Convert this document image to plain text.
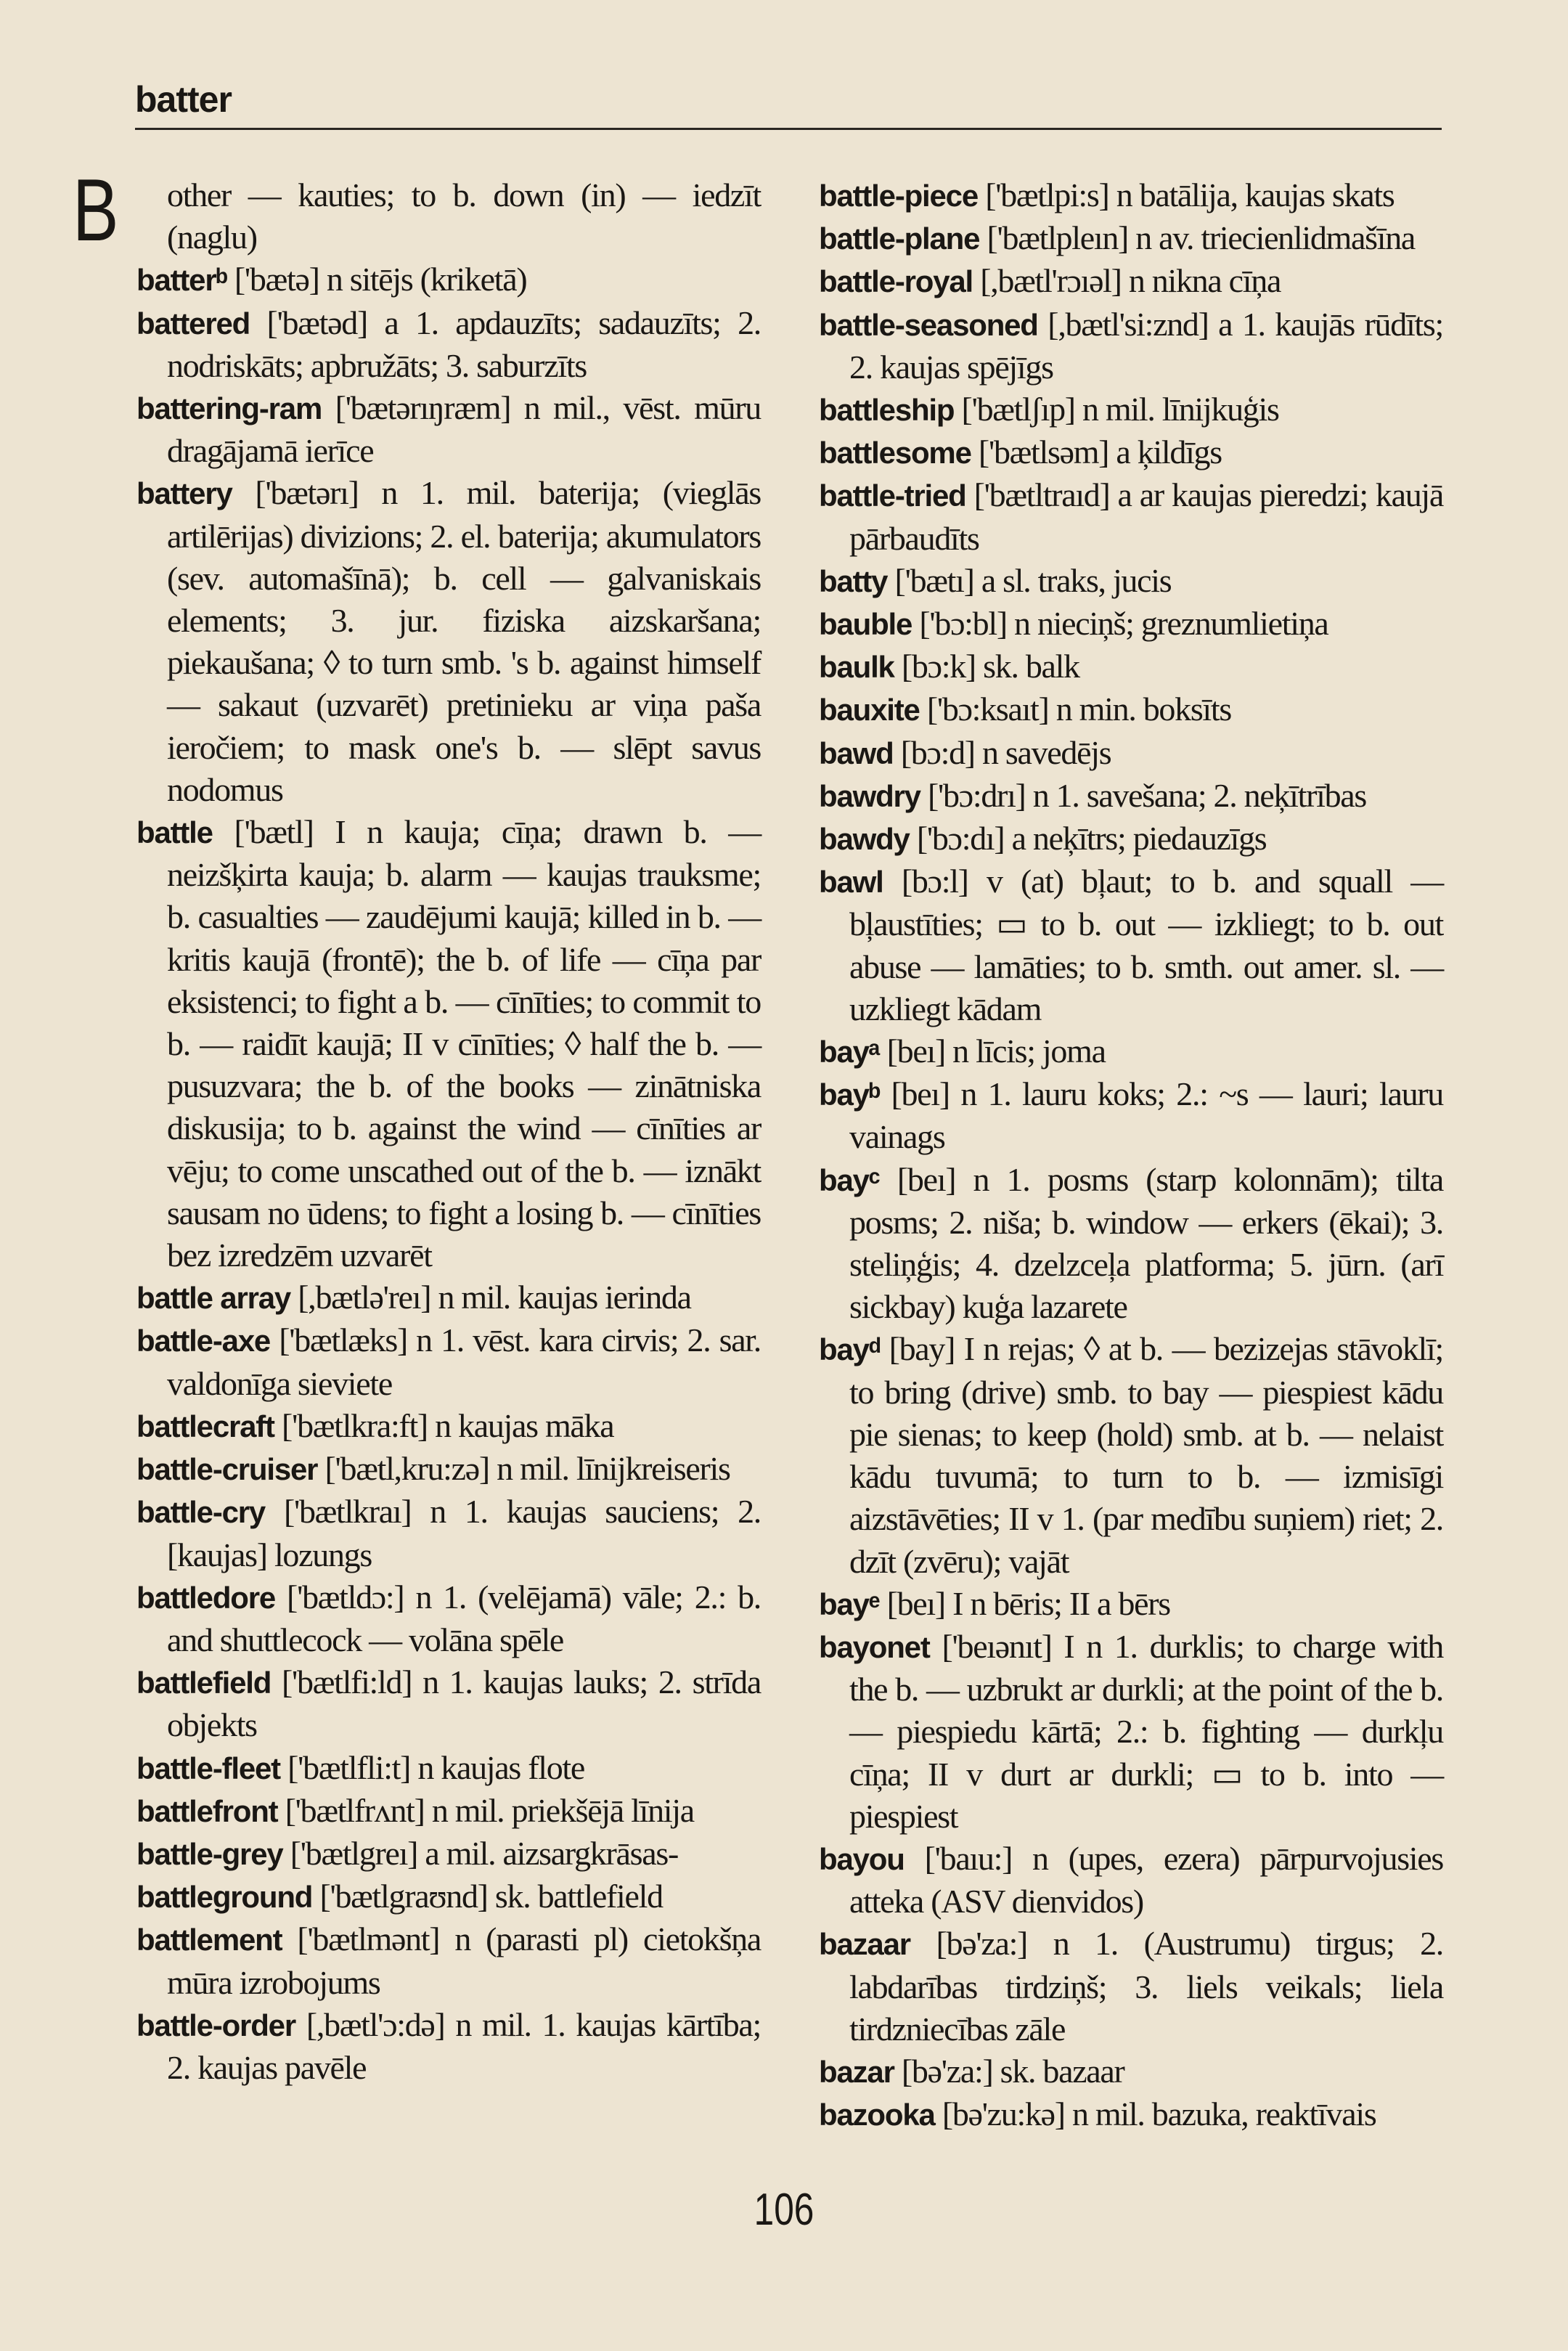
batter
B	other — kauties; to b. down (in) — iedzīt (naglu)

batterᵇ ['bætə] n sitējs (kriketā)

battered ['bætəd] a 1. apdauzīts; sadauzīts; 2. nodriskāts; apbružāts; 3. saburzīts

battering-ram ['bætərıŋræm] n mil., vēst. mūru dragājamā ierīce

battery ['bætərı] n 1. mil. baterija; (vieglās artilērijas) divizions; 2. el. baterija; akumulators (sev. automašīnā); b. cell — galvaniskais elements; 3. jur. fiziska aizskaršana; piekaušana; ◊ to turn smb. 's b. against himself — sakaut (uzvarēt) pretinieku ar viņa paša ieročiem; to mask one's b. — slēpt savus nodomus

battle ['bætl] I n kauja; cīņa; drawn b. — neizšķirta kauja; b. alarm — kaujas trauksme; b. casualties — zaudējumi kaujā; killed in b. — kritis kaujā (frontē); the b. of life — cīņa par eksistenci; to fight a b. — cīnīties; to commit to b. — raidīt kaujā; II v cīnīties; ◊ half the b. — pusuzvara; the b. of the books — zinātniska diskusija; to b. against the wind — cīnīties ar vēju; to come unscathed out of the b. — iznākt sausam no ūdens; to fight a losing b. — cīnīties bez izredzēm uzvarēt

battle array [,bætlə'reı] n mil. kaujas ierinda

battle-axe ['bætlæks] n 1. vēst. kara cirvis; 2. sar. valdonīga sieviete

battlecraft ['bætlkra:ft] n kaujas māka

battle-cruiser ['bætl,kru:zə] n mil. līnijkreiseris

battle-cry ['bætlkraı] n 1. kaujas sauciens; 2. [kaujas] lozungs

battledore ['bætldɔ:] n 1. (velējamā) vāle; 2.: b. and shuttlecock — volāna spēle

battlefield ['bætlfi:ld] n 1. kaujas lauks; 2. strīda objekts

battle-fleet ['bætlfli:t] n kaujas flote

battlefront ['bætlfrʌnt] n mil. priekšējā līnija

battle-grey ['bætlgreı] a mil. aizsargkrāsas-

battleground ['bætlgraʊnd] sk. battlefield

battlement ['bætlmənt] n (parasti pl) cietokšņa mūra izrobojums

battle-order [,bætl'ɔ:də] n mil. 1. kaujas kārtība; 2. kaujas pavēle

battle-piece ['bætlpi:s] n batālija, kaujas skats

battle-plane ['bætlpleın] n av. triecienlidmašīna

battle-royal [,bætl'rɔıəl] n nikna cīņa

battle-seasoned [,bætl'si:znd] a 1. kaujās rūdīts; 2. kaujas spējīgs

battleship ['bætlʃıp] n mil. līnijkuģis

battlesome ['bætlsəm] a ķildīgs

battle-tried ['bætltraıd] a ar kaujas pieredzi; kaujā pārbaudīts

batty ['bætı] a sl. traks, jucis

bauble ['bɔ:bl] n nieciņš; greznumlietiņa

baulk [bɔ:k] sk. balk

bauxite ['bɔ:ksaıt] n min. boksīts

bawd [bɔ:d] n savedējs

bawdry ['bɔ:drı] n 1. savešana; 2. neķītrības

bawdy ['bɔ:dı] a neķītrs; piedauzīgs

bawl [bɔ:l] v (at) bļaut; to b. and squall — bļaustīties; ▭ to b. out — izkliegt; to b. out abuse — lamāties; to b. smth. out amer. sl. — uzkliegt kādam

bayᵃ [beı] n līcis; joma

bayᵇ [beı] n 1. lauru koks; 2.: ~s — lauri; lauru vainags

bayᶜ [beı] n 1. posms (starp kolonnām); tilta posms; 2. niša; b. window — erkers (ēkai); 3. steliņģis; 4. dzelzceļa platforma; 5. jūrn. (arī sickbay) kuģa lazarete

bayᵈ [bay] I n rejas; ◊ at b. — bezizejas stāvoklī; to bring (drive) smb. to bay — piespiest kādu pie sienas; to keep (hold) smb. at b. — nelaist kādu tuvumā; to turn to b. — izmisīgi aizstāvēties; II v 1. (par medību suņiem) riet; 2. dzīt (zvēru); vajāt

bayᵉ [beı] I n bēris; II a bērs

bayonet ['beıənıt] I n 1. durklis; to charge with the b. — uzbrukt ar durkli; at the point of the b. — piespiedu kārtā; 2.: b. fighting — durkļu cīņa; II v durt ar durkli; ▭ to b. into — piespiest

bayou ['baıu:] n (upes, ezera) pārpurvojusies atteka (ASV dienvidos)

bazaar [bə'za:] n 1. (Austrumu) tirgus; 2. labdarības tirdziņš; 3. liels veikals; liela tirdzniecības zāle

bazar [bə'za:] sk. bazaar

bazooka [bə'zu:kə] n mil. bazuka, reaktīvais

106
